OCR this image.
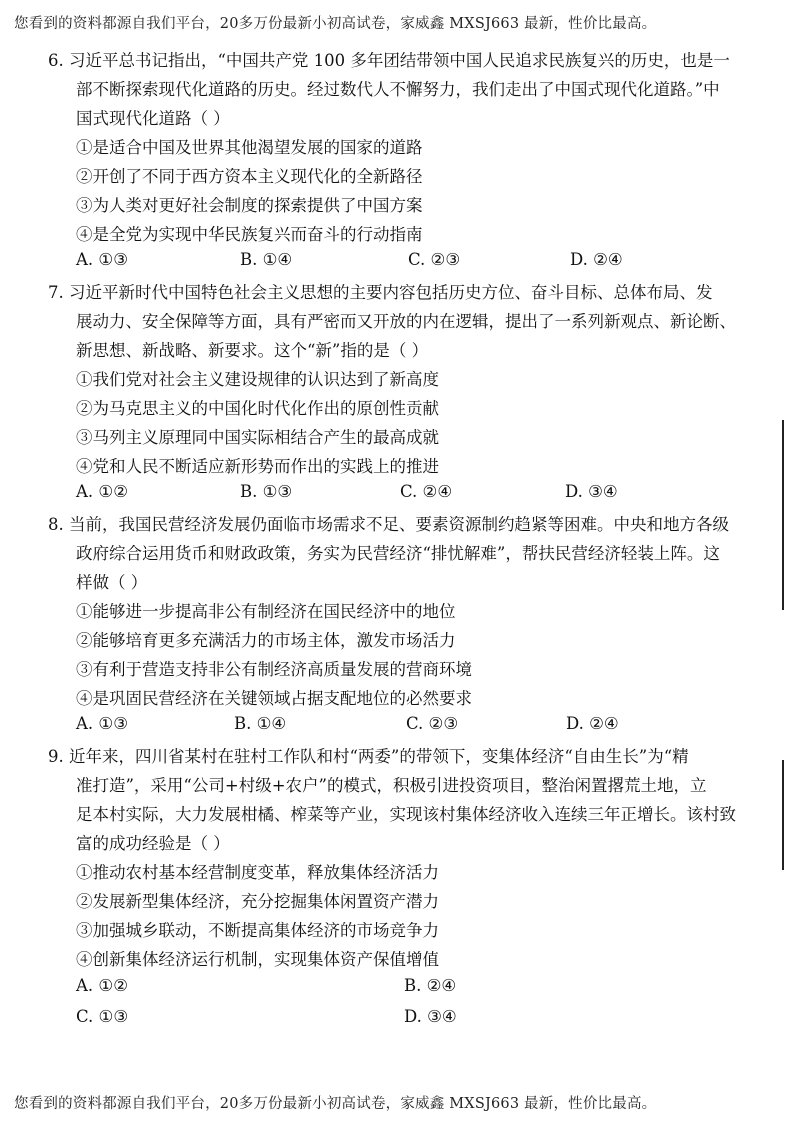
您看到的资料都源自我们平台，20多万份最新小初高试卷，家威鑫 MXSJ663 最新，性价比最高。
6. 习近平总书记指出，“中国共产党 100 多年团结带领中国人民追求民族复兴的历史，也是一
部不断探索现代化道路的历史。经过数代人不懈努力，我们走出了中国式现代化道路。”中
国式现代化道路（ ）
①是适合中国及世界其他渴望发展的国家的道路
②开创了不同于西方资本主义现代化的全新路径
③为人类对更好社会制度的探索提供了中国方案
④是全党为实现中华民族复兴而奋斗的行动指南
A. ①③	B. ①④	C. ②③	D. ②④
7. 习近平新时代中国特色社会主义思想的主要内容包括历史方位、奋斗目标、总体布局、发
展动力、安全保障等方面，具有严密而又开放的内在逻辑，提出了一系列新观点、新论断、
新思想、新战略、新要求。这个“新”指的是（ ）
①我们党对社会主义建设规律的认识达到了新高度
②为马克思主义的中国化时代化作出的原创性贡献
③马列主义原理同中国实际相结合产生的最高成就
④党和人民不断适应新形势而作出的实践上的推进
A. ①②	B. ①③	C. ②④	D. ③④
8. 当前，我国民营经济发展仍面临市场需求不足、要素资源制约趋紧等困难。中央和地方各级
政府综合运用货币和财政政策，务实为民营经济“排忧解难”，帮扶民营经济轻装上阵。这
样做（ ）
①能够进一步提高非公有制经济在国民经济中的地位
②能够培育更多充满活力的市场主体，激发市场活力
③有利于营造支持非公有制经济高质量发展的营商环境
④是巩固民营经济在关键领域占据支配地位的必然要求
A. ①③	B. ①④	C. ②③	D. ②④
9. 近年来，四川省某村在驻村工作队和村“两委”的带领下，变集体经济“自由生长”为“精
准打造”，采用“公司+村级+农户”的模式，积极引进投资项目，整治闲置撂荒土地，立
足本村实际，大力发展柑橘、榨菜等产业，实现该村集体经济收入连续三年正增长。该村致
富的成功经验是（ ）
①推动农村基本经营制度变革，释放集体经济活力
②发展新型集体经济，充分挖掘集体闲置资产潜力
③加强城乡联动，不断提高集体经济的市场竞争力
④创新集体经济运行机制，实现集体资产保值增值
A. ①②	B. ②④
C. ①③	D. ③④
您看到的资料都源自我们平台，20多万份最新小初高试卷，家威鑫 MXSJ663 最新，性价比最高。
